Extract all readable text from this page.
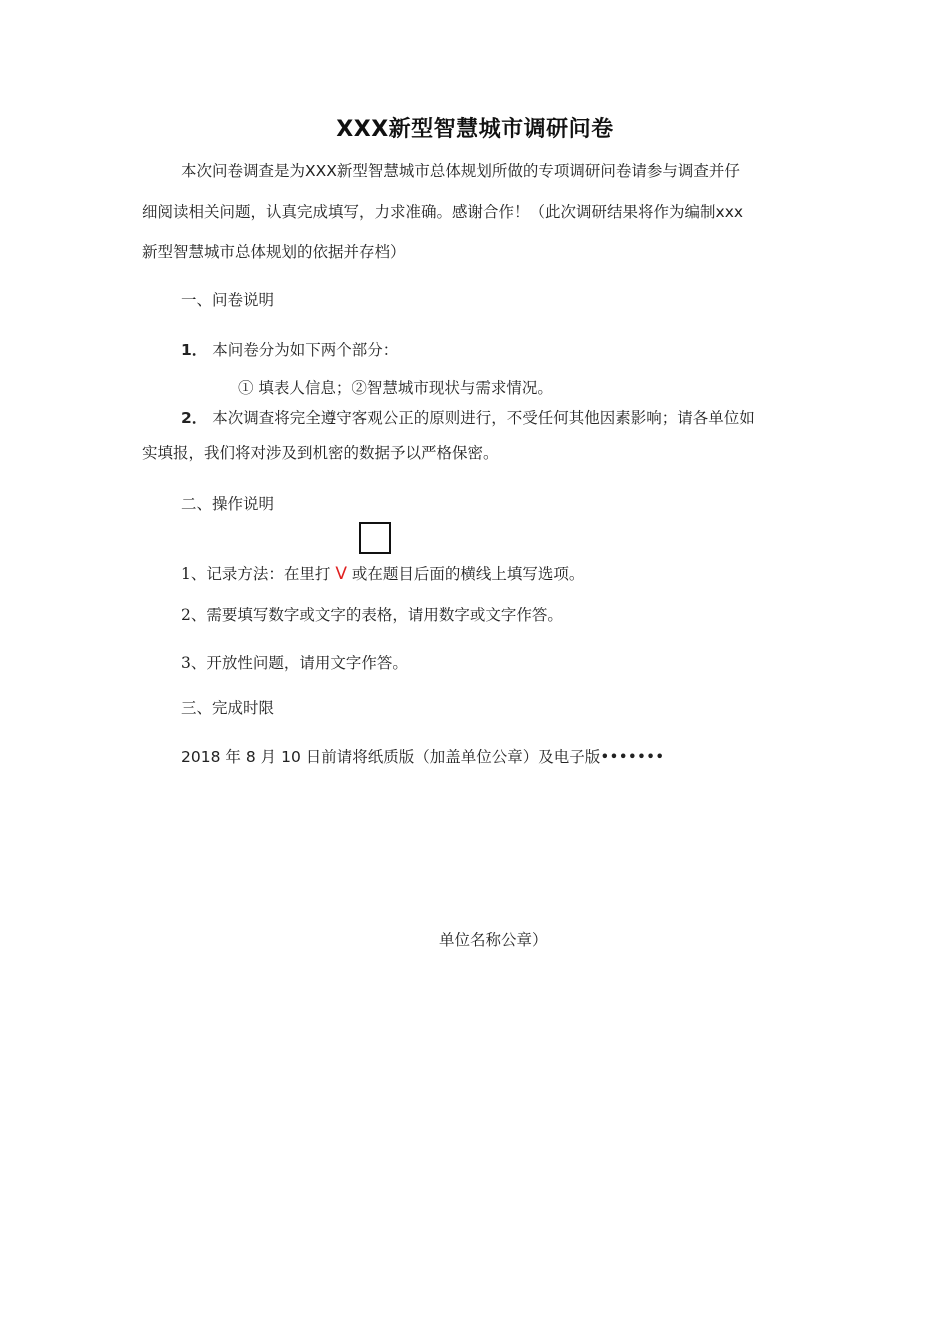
XXX新型智慧城市调研问卷
本次问卷调查是为XXX新型智慧城市总体规划所做的专项调研问卷请参与调查并仔
细阅读相关问题，认真完成填写，力求准确。感谢合作！（此次调研结果将作为编制xxx
新型智慧城市总体规划的依据并存档）
一、问卷说明
1． 本问卷分为如下两个部分：
① 填表人信息；②智慧城市现状与需求情况。
2． 本次调查将完全遵守客观公正的原则进行，不受任何其他因素影响；请各单位如
实填报，我们将对涉及到机密的数据予以严格保密。
二、操作说明
1、记录方法：在里打 V 或在题目后面的横线上填写选项。
2、需要填写数字或文字的表格，请用数字或文字作答。
3、开放性问题，请用文字作答。
三、完成时限
2018 年 8 月 10 日前请将纸质版（加盖单位公章）及电子版•••••••
单位名称公章）
